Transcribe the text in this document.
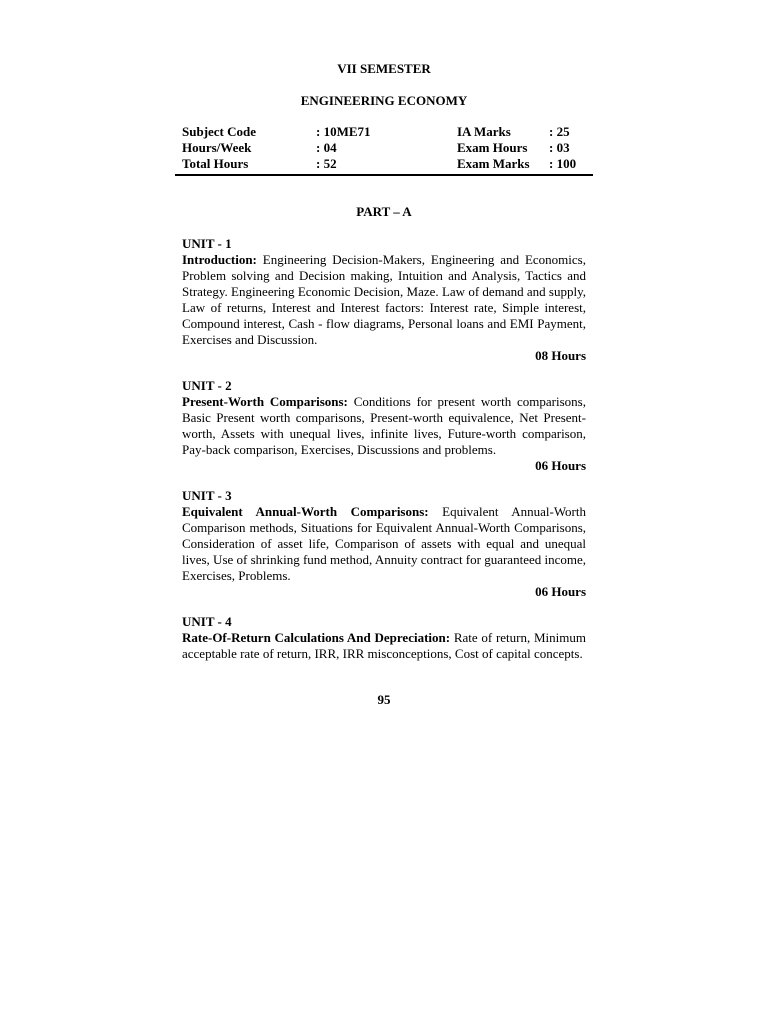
VII SEMESTER
ENGINEERING ECONOMY
Subject Code	: 10ME71	IA Marks	: 25
Hours/Week	: 04	Exam Hours : 03
Total Hours	: 52	Exam Marks : 100
PART – A
UNIT - 1
Introduction: Engineering Decision-Makers, Engineering and Economics, Problem solving and Decision making, Intuition and Analysis, Tactics and Strategy. Engineering Economic Decision, Maze. Law of demand and supply, Law of returns, Interest and Interest factors: Interest rate, Simple interest, Compound interest, Cash - flow diagrams, Personal loans and EMI Payment, Exercises and Discussion.
08 Hours
UNIT - 2
Present-Worth Comparisons: Conditions for present worth comparisons, Basic Present worth comparisons, Present-worth equivalence, Net Present-worth, Assets with unequal lives, infinite lives, Future-worth comparison, Pay-back comparison, Exercises, Discussions and problems.
06 Hours
UNIT - 3
Equivalent Annual-Worth Comparisons: Equivalent Annual-Worth Comparison methods, Situations for Equivalent Annual-Worth Comparisons, Consideration of asset life, Comparison of assets with equal and unequal lives, Use of shrinking fund method, Annuity contract for guaranteed income, Exercises, Problems.
06 Hours
UNIT - 4
Rate-Of-Return Calculations And Depreciation: Rate of return, Minimum acceptable rate of return, IRR, IRR misconceptions, Cost of capital concepts.
95
